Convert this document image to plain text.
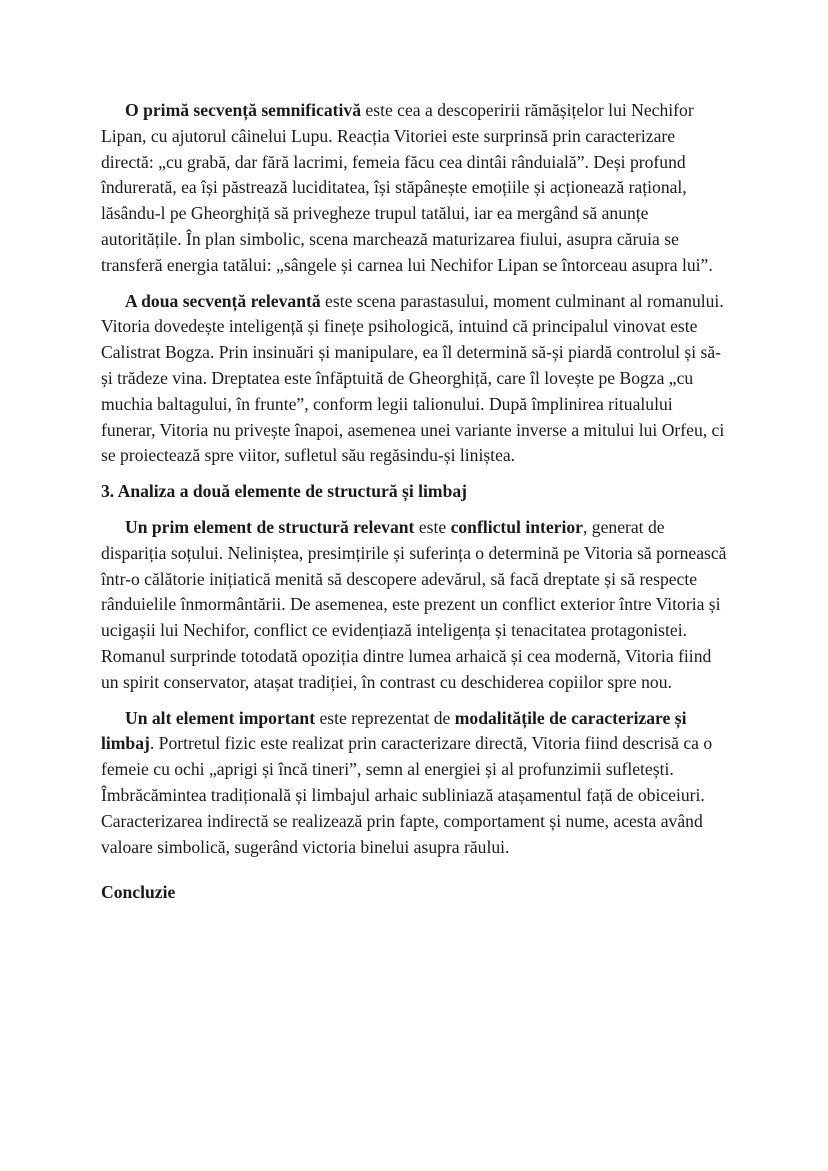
O primă secvență semnificativă este cea a descoperirii rămășițelor lui Nechifor Lipan, cu ajutorul câinelui Lupu. Reacția Vitoriei este surprinsă prin caracterizare directă: „cu grabă, dar fără lacrimi, femeia făcu cea dintâi rânduială”. Deși profund îndurerată, ea își păstrează luciditatea, își stăpânește emoțiile și acționează rațional, lăsându-l pe Gheorghiță să privegheze trupul tatălui, iar ea mergând să anunțe autoritățile. În plan simbolic, scena marchează maturizarea fiului, asupra căruia se transferă energia tatălui: „sângele și carnea lui Nechifor Lipan se întorceau asupra lui”.

A doua secvență relevantă este scena parastasului, moment culminant al romanului. Vitoria dovedește inteligență și finețe psihologică, intuind că principalul vinovat este Calistrat Bogza. Prin insinuări și manipulare, ea îl determină să-și piardă controlul și să-și trădeze vina. Dreptatea este înfăptuită de Gheorghiță, care îl lovește pe Bogza „cu muchia baltagului, în frunte”, conform legii talionului. După împlinirea ritualului funerar, Vitoria nu privește înapoi, asemenea unei variante inverse a mitului lui Orfeu, ci se proiectează spre viitor, sufletul său regăsindu-și liniștea.

3. Analiza a două elemente de structură și limbaj

Un prim element de structură relevant este conflictul interior, generat de dispariția soțului. Neliniștea, presimțirile și suferința o determină pe Vitoria să pornească într-o călătorie inițiatică menită să descopere adevărul, să facă dreptate și să respecte rânduielile înmormântării. De asemenea, este prezent un conflict exterior între Vitoria și ucigașii lui Nechifor, conflict ce evidențiază inteligența și tenacitatea protagonistei. Romanul surprinde totodată opoziția dintre lumea arhaică și cea modernă, Vitoria fiind un spirit conservator, atașat tradiției, în contrast cu deschiderea copiilor spre nou.

Un alt element important este reprezentat de modalitățile de caracterizare și limbaj. Portretul fizic este realizat prin caracterizare directă, Vitoria fiind descrisă ca o femeie cu ochi „aprigi și încă tineri”, semn al energiei și al profunzimii sufletești. Îmbrăcămintea tradițională și limbajul arhaic subliniază atașamentul față de obiceiuri. Caracterizarea indirectă se realizează prin fapte, comportament și nume, acesta având valoare simbolică, sugerând victoria binelui asupra răului.

Concluzie
